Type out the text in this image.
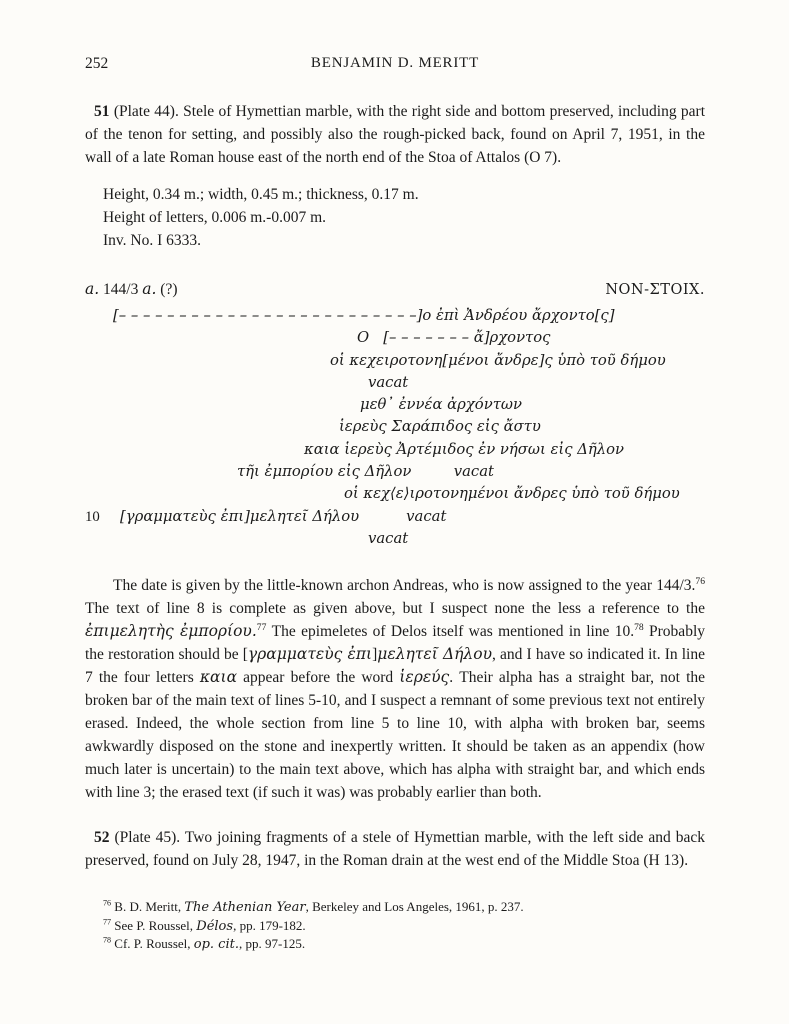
252	BENJAMIN D. MERITT

51 (Plate 44). Stele of Hymettian marble, with the right side and bottom preserved, including part of the tenon for setting, and possibly also the rough-picked back, found on April 7, 1951, in the wall of a late Roman house east of the north end of the Stoa of Attalos (O 7).

Height, 0.34 m.; width, 0.45 m.; thickness, 0.17 m.
Height of letters, 0.006 m.-0.007 m.
Inv. No. I 6333.
a. 144/3 a. (?)	NON-ΣΤΟΙΧ.
[– – – – – – – – – – – – – – – – – – – – – – – – –]ο ἐπὶ Ἀνδρέου ἄρχοντο[ς]
Ο   [– – – – – – – ἄ]ρχοντος
οἱ κεχειροτονη[μένοι ἄνδρε]ς ὑπὸ τοῦ δήμου
vacat
μεθ᾽ ἐννέα ἀρχόντων
ἱερεὺς Σαράπιδος εἰς ἄστυ
καια ἱερεὺς Ἀρτέμιδος ἐν νήσωι εἰς Δῆλον
τῆι ἐμπορίου εἰς Δῆλον         vacat
οἱ κεχ⟨ε⟩ιροτονημένοι ἄνδρες ὑπὸ τοῦ δήμου
10 [γραμματεὺς ἐπι]μελητεῖ Δήλου          vacat
vacat

The date is given by the little-known archon Andreas, who is now assigned to the year 144/3.76 The text of line 8 is complete as given above, but I suspect none the less a reference to the ἐπιμελητὴς ἐμπορίου.$^{77}$ The epimeletes of Delos itself was mentioned in line 10.78 Probably the restoration should be [γραμματεὺς ἐπι]μελητεῖ Δήλου, and I have so indicated it. In line 7 the four letters καια appear before the word ἱερεύς. Their alpha has a straight bar, not the broken bar of the main text of lines 5-10, and I suspect a remnant of some previous text not entirely erased. Indeed, the whole section from line 5 to line 10, with alpha with broken bar, seems awkwardly disposed on the stone and inexpertly written. It should be taken as an appendix (how much later is uncertain) to the main text above, which has alpha with straight bar, and which ends with line 3; the erased text (if such it was) was probably earlier than both.

52 (Plate 45). Two joining fragments of a stele of Hymettian marble, with the left side and back preserved, found on July 28, 1947, in the Roman drain at the west end of the Middle Stoa (H 13).

$^{76}$ B. D. Meritt, The Athenian Year, Berkeley and Los Angeles, 1961, p. 237.

$^{77}$ See P. Roussel, Délos, pp. 179-182.

$^{78}$ Cf. P. Roussel, op. cit., pp. 97-125.
